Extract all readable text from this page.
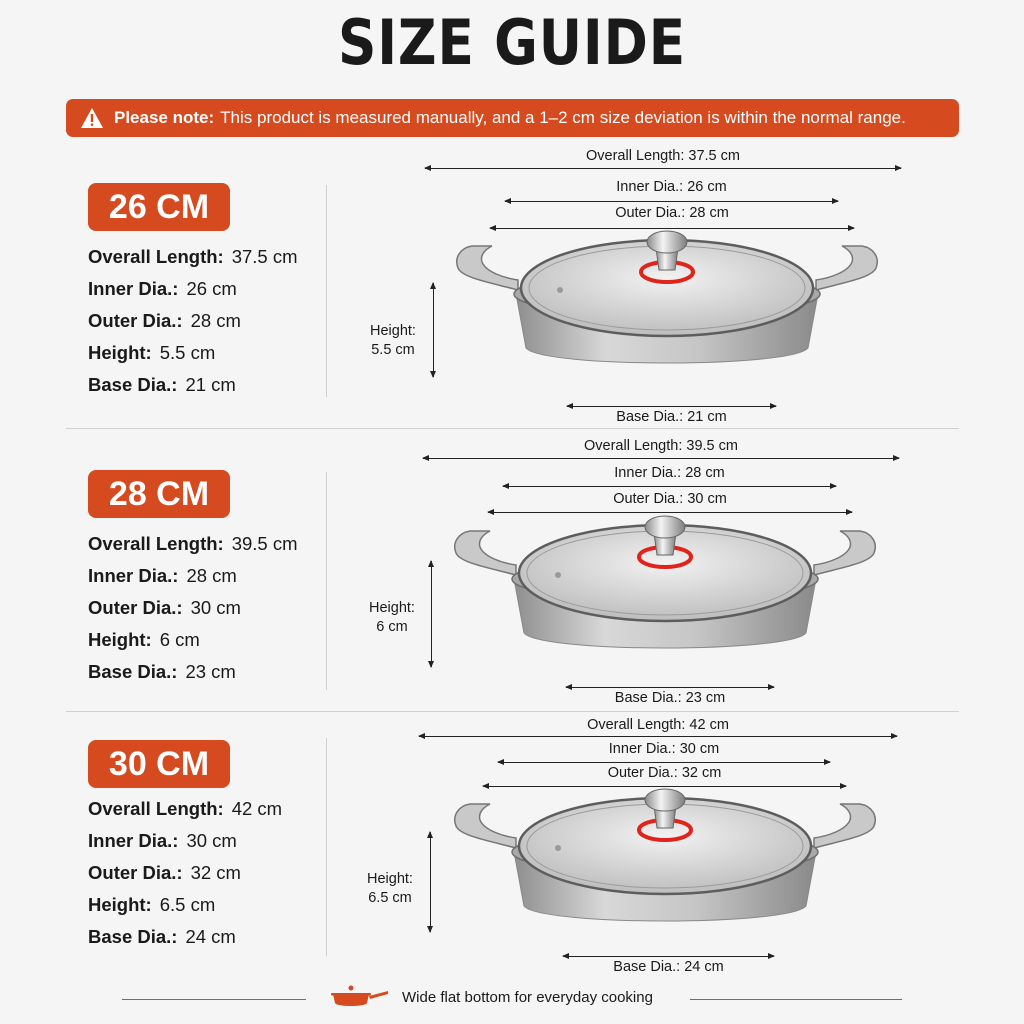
SIZE GUIDE
Please note: This product is measured manually, and a 1–2 cm size deviation is within the normal range.
26 CM
Overall Length: 37.5 cm
Inner Dia.: 26 cm
Outer Dia.: 28 cm
Height: 5.5 cm
Base Dia.: 21 cm
Overall Length: 37.5 cm
Inner Dia.: 26 cm
Outer Dia.: 28 cm
Height:
5.5 cm
Base Dia.: 21 cm
28 CM
Overall Length: 39.5 cm
Inner Dia.: 28 cm
Outer Dia.: 30 cm
Height: 6 cm
Base Dia.: 23 cm
Overall Length: 39.5 cm
Inner Dia.: 28 cm
Outer Dia.: 30 cm
Height:
6 cm
Base Dia.: 23 cm
30 CM
Overall Length: 42 cm
Inner Dia.: 30 cm
Outer Dia.: 32 cm
Height: 6.5 cm
Base Dia.: 24 cm
Overall Length: 42 cm
Inner Dia.: 30 cm
Outer Dia.: 32 cm
Height:
6.5 cm
Base Dia.: 24 cm
Wide flat bottom for everyday cooking
